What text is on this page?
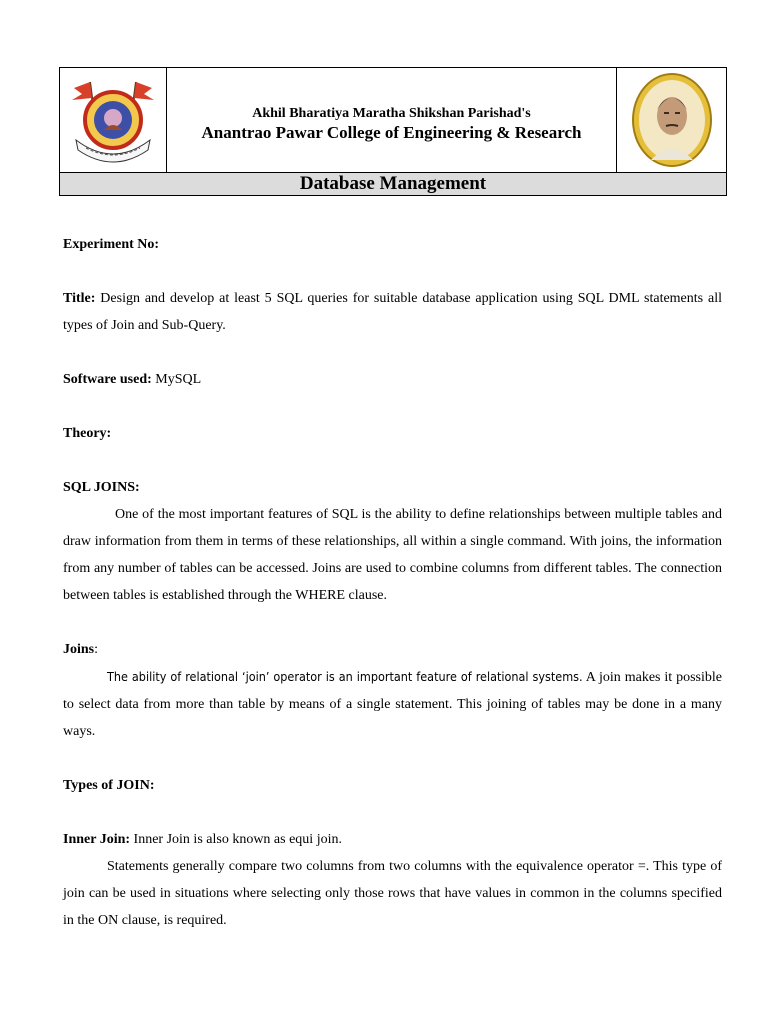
Akhil Bharatiya Maratha Shikshan Parishad's
Anantrao Pawar College of Engineering & Research
Database Management

Experiment No:

Title: Design and develop at least 5 SQL queries for suitable database application using SQL DML statements all types of Join and Sub-Query.

Software used: MySQL

Theory:

SQL JOINS:

One of the most important features of SQL is the ability to define relationships between multiple tables and draw information from them in terms of these relationships, all within a single command. With joins, the information from any number of tables can be accessed. Joins are used to combine columns from different tables. The connection between tables is established through the WHERE clause.

Joins:

The ability of relational ‘join’ operator is an important feature of relational systems. A join makes it possible to select data from more than table by means of a single statement. This joining of tables may be done in a many ways.

Types of JOIN:

Inner Join: Inner Join is also known as equi join.

Statements generally compare two columns from two columns with the equivalence operator =. This type of join can be used in situations where selecting only those rows that have values in common in the columns specified in the ON clause, is required.
